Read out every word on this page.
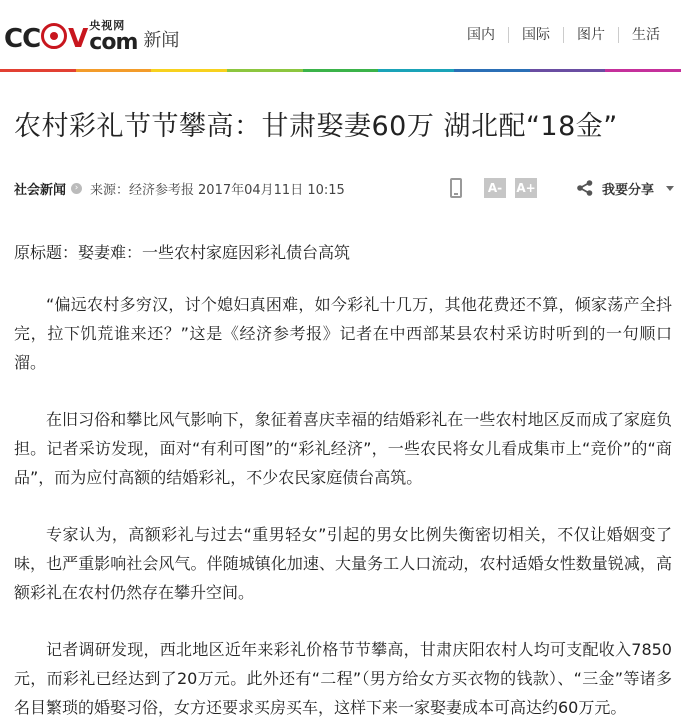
CC V 央视网
com 新闻	国内	国际	图片	生活
农村彩礼节节攀高：甘肃娶妻60万 湖北配“18金”
社会新闻 › 来源：经济参考报 2017年04月11日 10:15	A-	A+	我要分享

原标题：娶妻难：一些农村家庭因彩礼债台高筑

“偏远农村多穷汉，讨个媳妇真困难，如今彩礼十几万，其他花费还不算，倾家荡产全抖完，拉下饥荒谁来还？”这是《经济参考报》记者在中西部某县农村采访时听到的一句顺口溜。

在旧习俗和攀比风气影响下，象征着喜庆幸福的结婚彩礼在一些农村地区反而成了家庭负担。记者采访发现，面对“有利可图”的“彩礼经济”，一些农民将女儿看成集市上“竞价”的“商品”，而为应付高额的结婚彩礼，不少农民家庭债台高筑。

专家认为，高额彩礼与过去“重男轻女”引起的男女比例失衡密切相关，不仅让婚姻变了味，也严重影响社会风气。伴随城镇化加速、大量务工人口流动，农村适婚女性数量锐减，高额彩礼在农村仍然存在攀升空间。

记者调研发现，西北地区近年来彩礼价格节节攀高，甘肃庆阳农村人均可支配收入7850元，而彩礼已经达到了20万元。此外还有“二程”（男方给女方买衣物的钱款）、“三金”等诸多名目繁琐的婚娶习俗，女方还要求买房买车，这样下来一家娶妻成本可高达约60万元。
